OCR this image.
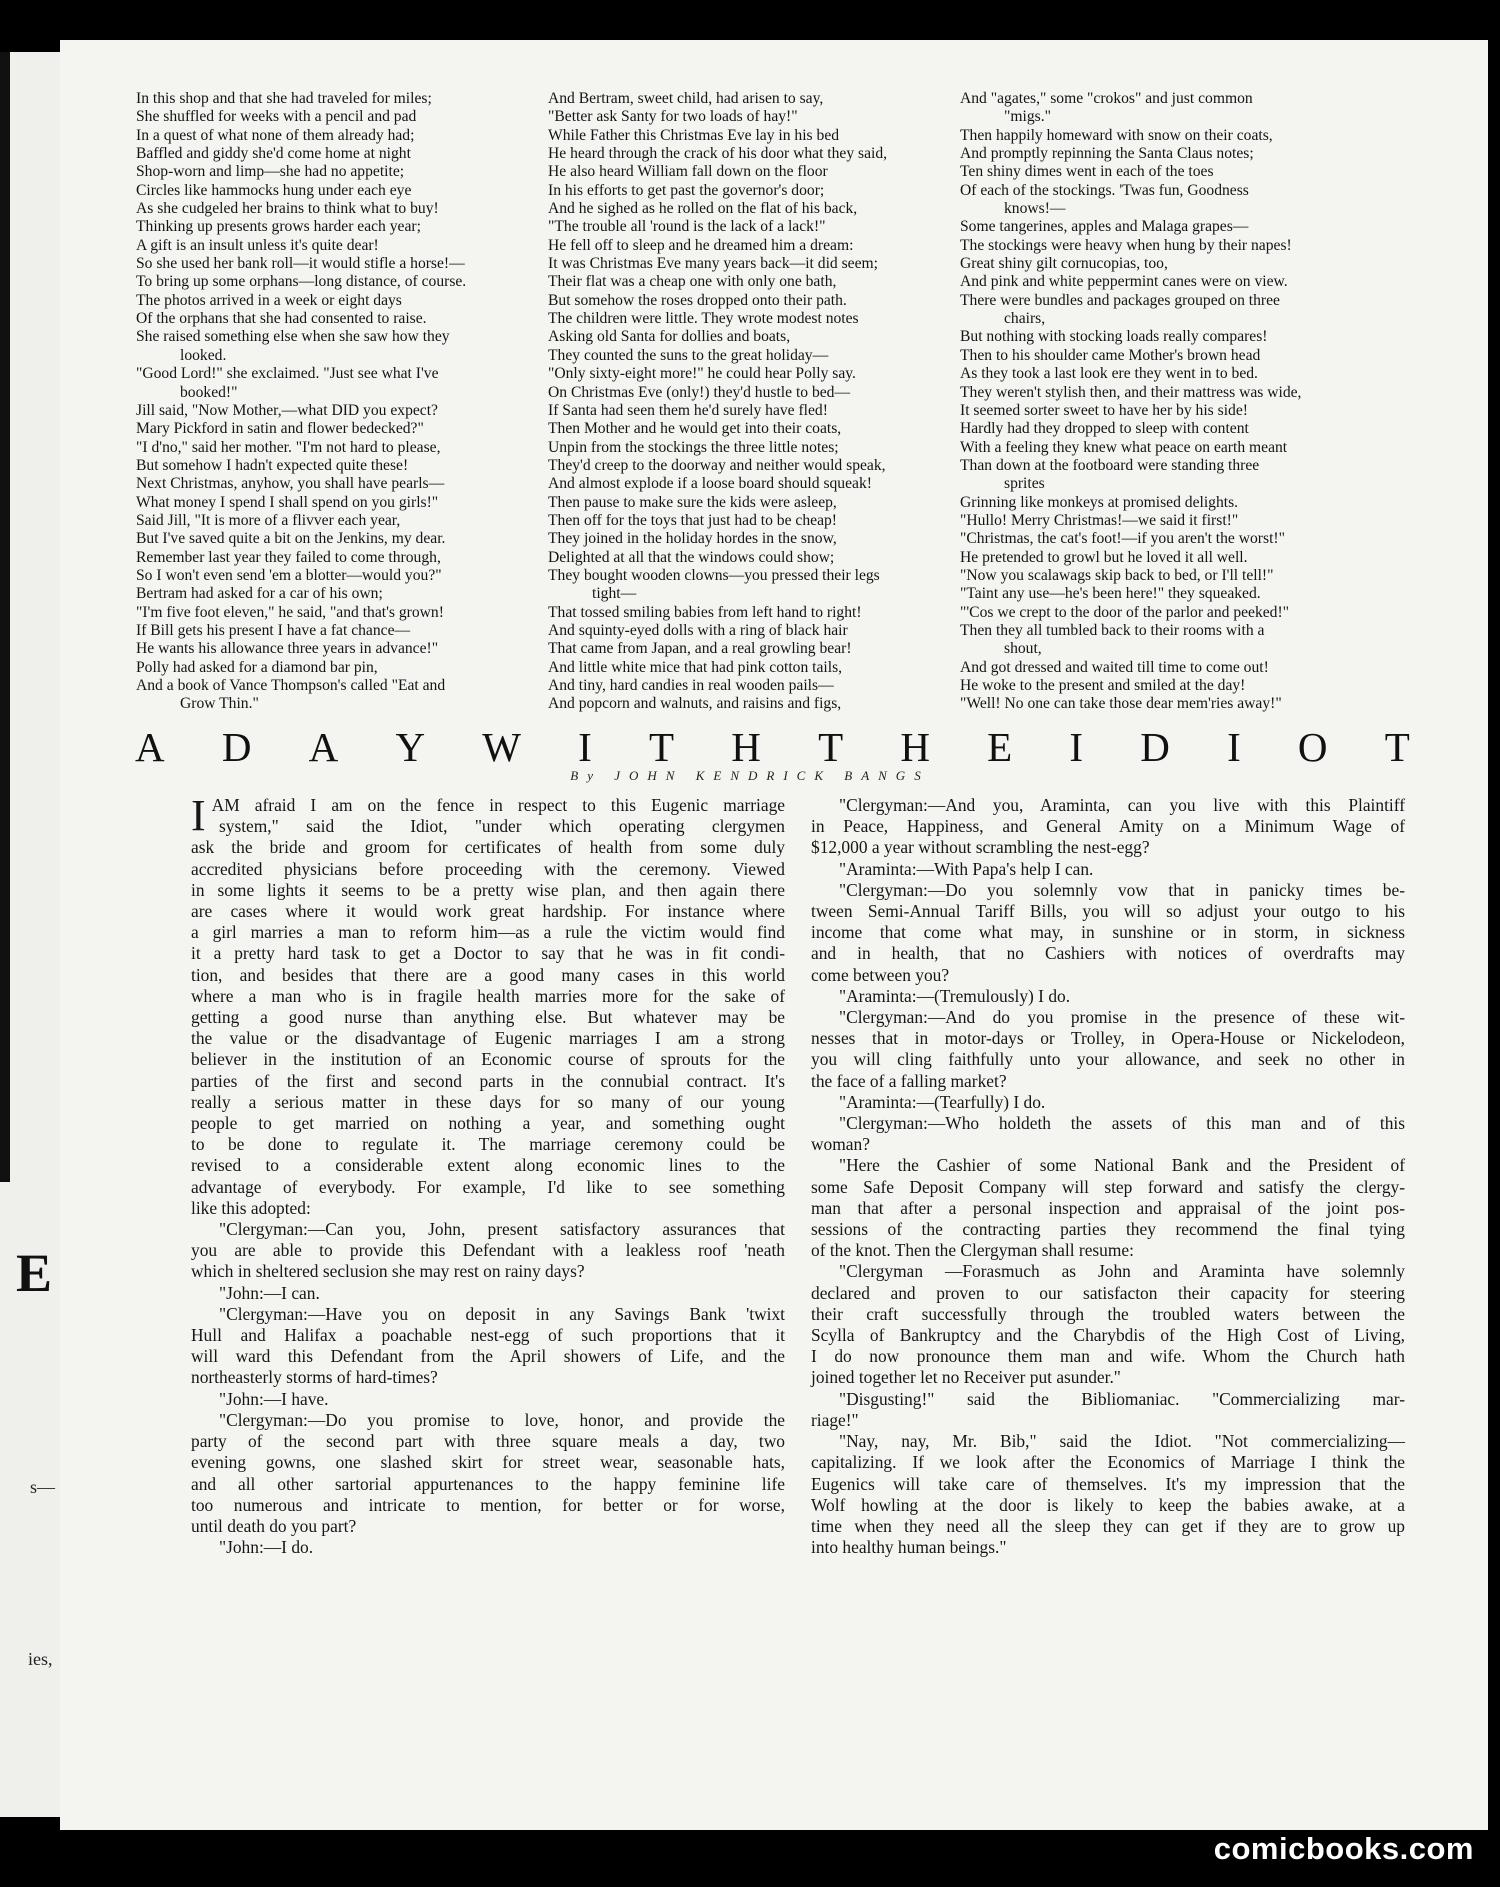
E
s—
ies,
In this shop and that she had traveled for miles;
She shuffled for weeks with a pencil and pad
In a quest of what none of them already had;
Baffled and giddy she'd come home at night
Shop-worn and limp—she had no appetite;
Circles like hammocks hung under each eye
As she cudgeled her brains to think what to buy!
Thinking up presents grows harder each year;
A gift is an insult unless it's quite dear!
So she used her bank roll—it would stifle a horse!—
To bring up some orphans—long distance, of course.
The photos arrived in a week or eight days
Of the orphans that she had consented to raise.
She raised something else when she saw how they
looked.
"Good Lord!" she exclaimed. "Just see what I've
booked!"
Jill said, "Now Mother,—what DID you expect?
Mary Pickford in satin and flower bedecked?"
"I d'no," said her mother. "I'm not hard to please,
But somehow I hadn't expected quite these!
Next Christmas, anyhow, you shall have pearls—
What money I spend I shall spend on you girls!"
Said Jill, "It is more of a flivver each year,
But I've saved quite a bit on the Jenkins, my dear.
Remember last year they failed to come through,
So I won't even send 'em a blotter—would you?"
Bertram had asked for a car of his own;
"I'm five foot eleven," he said, "and that's grown!
If Bill gets his present I have a fat chance—
He wants his allowance three years in advance!"
Polly had asked for a diamond bar pin,
And a book of Vance Thompson's called "Eat and
Grow Thin."
And Bertram, sweet child, had arisen to say,
"Better ask Santy for two loads of hay!"
While Father this Christmas Eve lay in his bed
He heard through the crack of his door what they said,
He also heard William fall down on the floor
In his efforts to get past the governor's door;
And he sighed as he rolled on the flat of his back,
"The trouble all 'round is the lack of a lack!"
He fell off to sleep and he dreamed him a dream:
It was Christmas Eve many years back—it did seem;
Their flat was a cheap one with only one bath,
But somehow the roses dropped onto their path.
The children were little. They wrote modest notes
Asking old Santa for dollies and boats,
They counted the suns to the great holiday—
"Only sixty-eight more!" he could hear Polly say.
On Christmas Eve (only!) they'd hustle to bed—
If Santa had seen them he'd surely have fled!
Then Mother and he would get into their coats,
Unpin from the stockings the three little notes;
They'd creep to the doorway and neither would speak,
And almost explode if a loose board should squeak!
Then pause to make sure the kids were asleep,
Then off for the toys that just had to be cheap!
They joined in the holiday hordes in the snow,
Delighted at all that the windows could show;
They bought wooden clowns—you pressed their legs
tight—
That tossed smiling babies from left hand to right!
And squinty-eyed dolls with a ring of black hair
That came from Japan, and a real growling bear!
And little white mice that had pink cotton tails,
And tiny, hard candies in real wooden pails—
And popcorn and walnuts, and raisins and figs,
And "agates," some "crokos" and just common
"migs."
Then happily homeward with snow on their coats,
And promptly repinning the Santa Claus notes;
Ten shiny dimes went in each of the toes
Of each of the stockings. 'Twas fun, Goodness
knows!—
Some tangerines, apples and Malaga grapes—
The stockings were heavy when hung by their napes!
Great shiny gilt cornucopias, too,
And pink and white peppermint canes were on view.
There were bundles and packages grouped on three
chairs,
But nothing with stocking loads really compares!
Then to his shoulder came Mother's brown head
As they took a last look ere they went in to bed.
They weren't stylish then, and their mattress was wide,
It seemed sorter sweet to have her by his side!
Hardly had they dropped to sleep with content
With a feeling they knew what peace on earth meant
Than down at the footboard were standing three
sprites
Grinning like monkeys at promised delights.
"Hullo! Merry Christmas!—we said it first!"
"Christmas, the cat's foot!—if you aren't the worst!"
He pretended to growl but he loved it all well.
"Now you scalawags skip back to bed, or I'll tell!"
"Taint any use—he's been here!" they squeaked.
"'Cos we crept to the door of the parlor and peeked!"
Then they all tumbled back to their rooms with a
shout,
And got dressed and waited till time to come out!
He woke to the present and smiled at the day!
"Well! No one can take those dear mem'ries away!"
A D A Y W I T H T H E I D I O T
By JOHN KENDRICK BANGS
IAM afraid I am on the fence in respect to this Eugenic marriage
system," said the Idiot, "under which operating clergymen
ask the bride and groom for certificates of health from some duly
accredited physicians before proceeding with the ceremony. Viewed
in some lights it seems to be a pretty wise plan, and then again there
are cases where it would work great hardship. For instance where
a girl marries a man to reform him—as a rule the victim would find
it a pretty hard task to get a Doctor to say that he was in fit condi-
tion, and besides that there are a good many cases in this world
where a man who is in fragile health marries more for the sake of
getting a good nurse than anything else. But whatever may be
the value or the disadvantage of Eugenic marriages I am a strong
believer in the institution of an Economic course of sprouts for the
parties of the first and second parts in the connubial contract. It's
really a serious matter in these days for so many of our young
people to get married on nothing a year, and something ought
to be done to regulate it. The marriage ceremony could be
revised to a considerable extent along economic lines to the
advantage of everybody. For example, I'd like to see something
like this adopted:
"Clergyman:—Can you, John, present satisfactory assurances that
you are able to provide this Defendant with a leakless roof 'neath
which in sheltered seclusion she may rest on rainy days?
"John:—I can.
"Clergyman:—Have you on deposit in any Savings Bank 'twixt
Hull and Halifax a poachable nest-egg of such proportions that it
will ward this Defendant from the April showers of Life, and the
northeasterly storms of hard-times?
"John:—I have.
"Clergyman:—Do you promise to love, honor, and provide the
party of the second part with three square meals a day, two
evening gowns, one slashed skirt for street wear, seasonable hats,
and all other sartorial appurtenances to the happy feminine life
too numerous and intricate to mention, for better or for worse,
until death do you part?
"John:—I do.
"Clergyman:—And you, Araminta, can you live with this Plaintiff
in Peace, Happiness, and General Amity on a Minimum Wage of
$12,000 a year without scrambling the nest-egg?
"Araminta:—With Papa's help I can.
"Clergyman:—Do you solemnly vow that in panicky times be-
tween Semi-Annual Tariff Bills, you will so adjust your outgo to his
income that come what may, in sunshine or in storm, in sickness
and in health, that no Cashiers with notices of overdrafts may
come between you?
"Araminta:—(Tremulously) I do.
"Clergyman:—And do you promise in the presence of these wit-
nesses that in motor-days or Trolley, in Opera-House or Nickelodeon,
you will cling faithfully unto your allowance, and seek no other in
the face of a falling market?
"Araminta:—(Tearfully) I do.
"Clergyman:—Who holdeth the assets of this man and of this
woman?
"Here the Cashier of some National Bank and the President of
some Safe Deposit Company will step forward and satisfy the clergy-
man that after a personal inspection and appraisal of the joint pos-
sessions of the contracting parties they recommend the final tying
of the knot. Then the Clergyman shall resume:
"Clergyman —Forasmuch as John and Araminta have solemnly
declared and proven to our satisfacton their capacity for steering
their craft successfully through the troubled waters between the
Scylla of Bankruptcy and the Charybdis of the High Cost of Living,
I do now pronounce them man and wife. Whom the Church hath
joined together let no Receiver put asunder."
"Disgusting!" said the Bibliomaniac. "Commercializing mar-
riage!"
"Nay, nay, Mr. Bib," said the Idiot. "Not commercializing—
capitalizing. If we look after the Economics of Marriage I think the
Eugenics will take care of themselves. It's my impression that the
Wolf howling at the door is likely to keep the babies awake, at a
time when they need all the sleep they can get if they are to grow up
into healthy human beings."
comicbooks.com
